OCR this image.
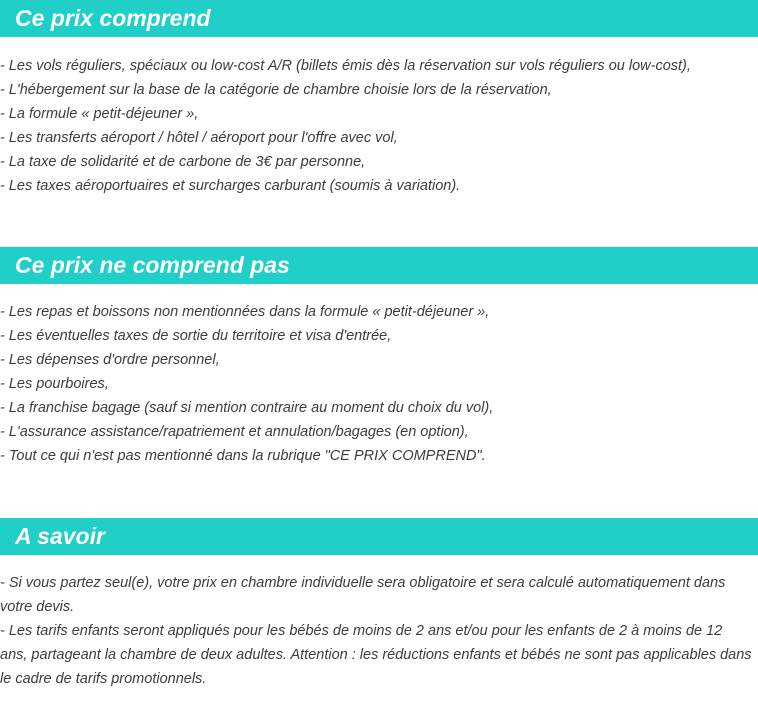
Ce prix comprend
- Les vols réguliers, spéciaux ou low-cost A/R (billets émis dès la réservation sur vols réguliers ou low-cost),
- L'hébergement sur la base de la catégorie de chambre choisie lors de la réservation,
- La formule « petit-déjeuner »,
- Les transferts aéroport / hôtel / aéroport pour l'offre avec vol,
- La taxe de solidarité et de carbone de 3€ par personne,
- Les taxes aéroportuaires et surcharges carburant (soumis à variation).
Ce prix ne comprend pas
- Les repas et boissons non mentionnées dans la formule « petit-déjeuner »,
- Les éventuelles taxes de sortie du territoire et visa d'entrée,
- Les dépenses d'ordre personnel,
- Les pourboires,
- La franchise bagage (sauf si mention contraire au moment du choix du vol),
- L'assurance assistance/rapatriement et annulation/bagages (en option),
- Tout ce qui n'est pas mentionné dans la rubrique "CE PRIX COMPREND".
A savoir
- Si vous partez seul(e), votre prix en chambre individuelle sera obligatoire et sera calculé automatiquement dans votre devis.
- Les tarifs enfants seront appliqués pour les bébés de moins de 2 ans et/ou pour les enfants de 2 à moins de 12 ans, partageant la chambre de deux adultes. Attention : les réductions enfants et bébés ne sont pas applicables dans le cadre de tarifs promotionnels.
